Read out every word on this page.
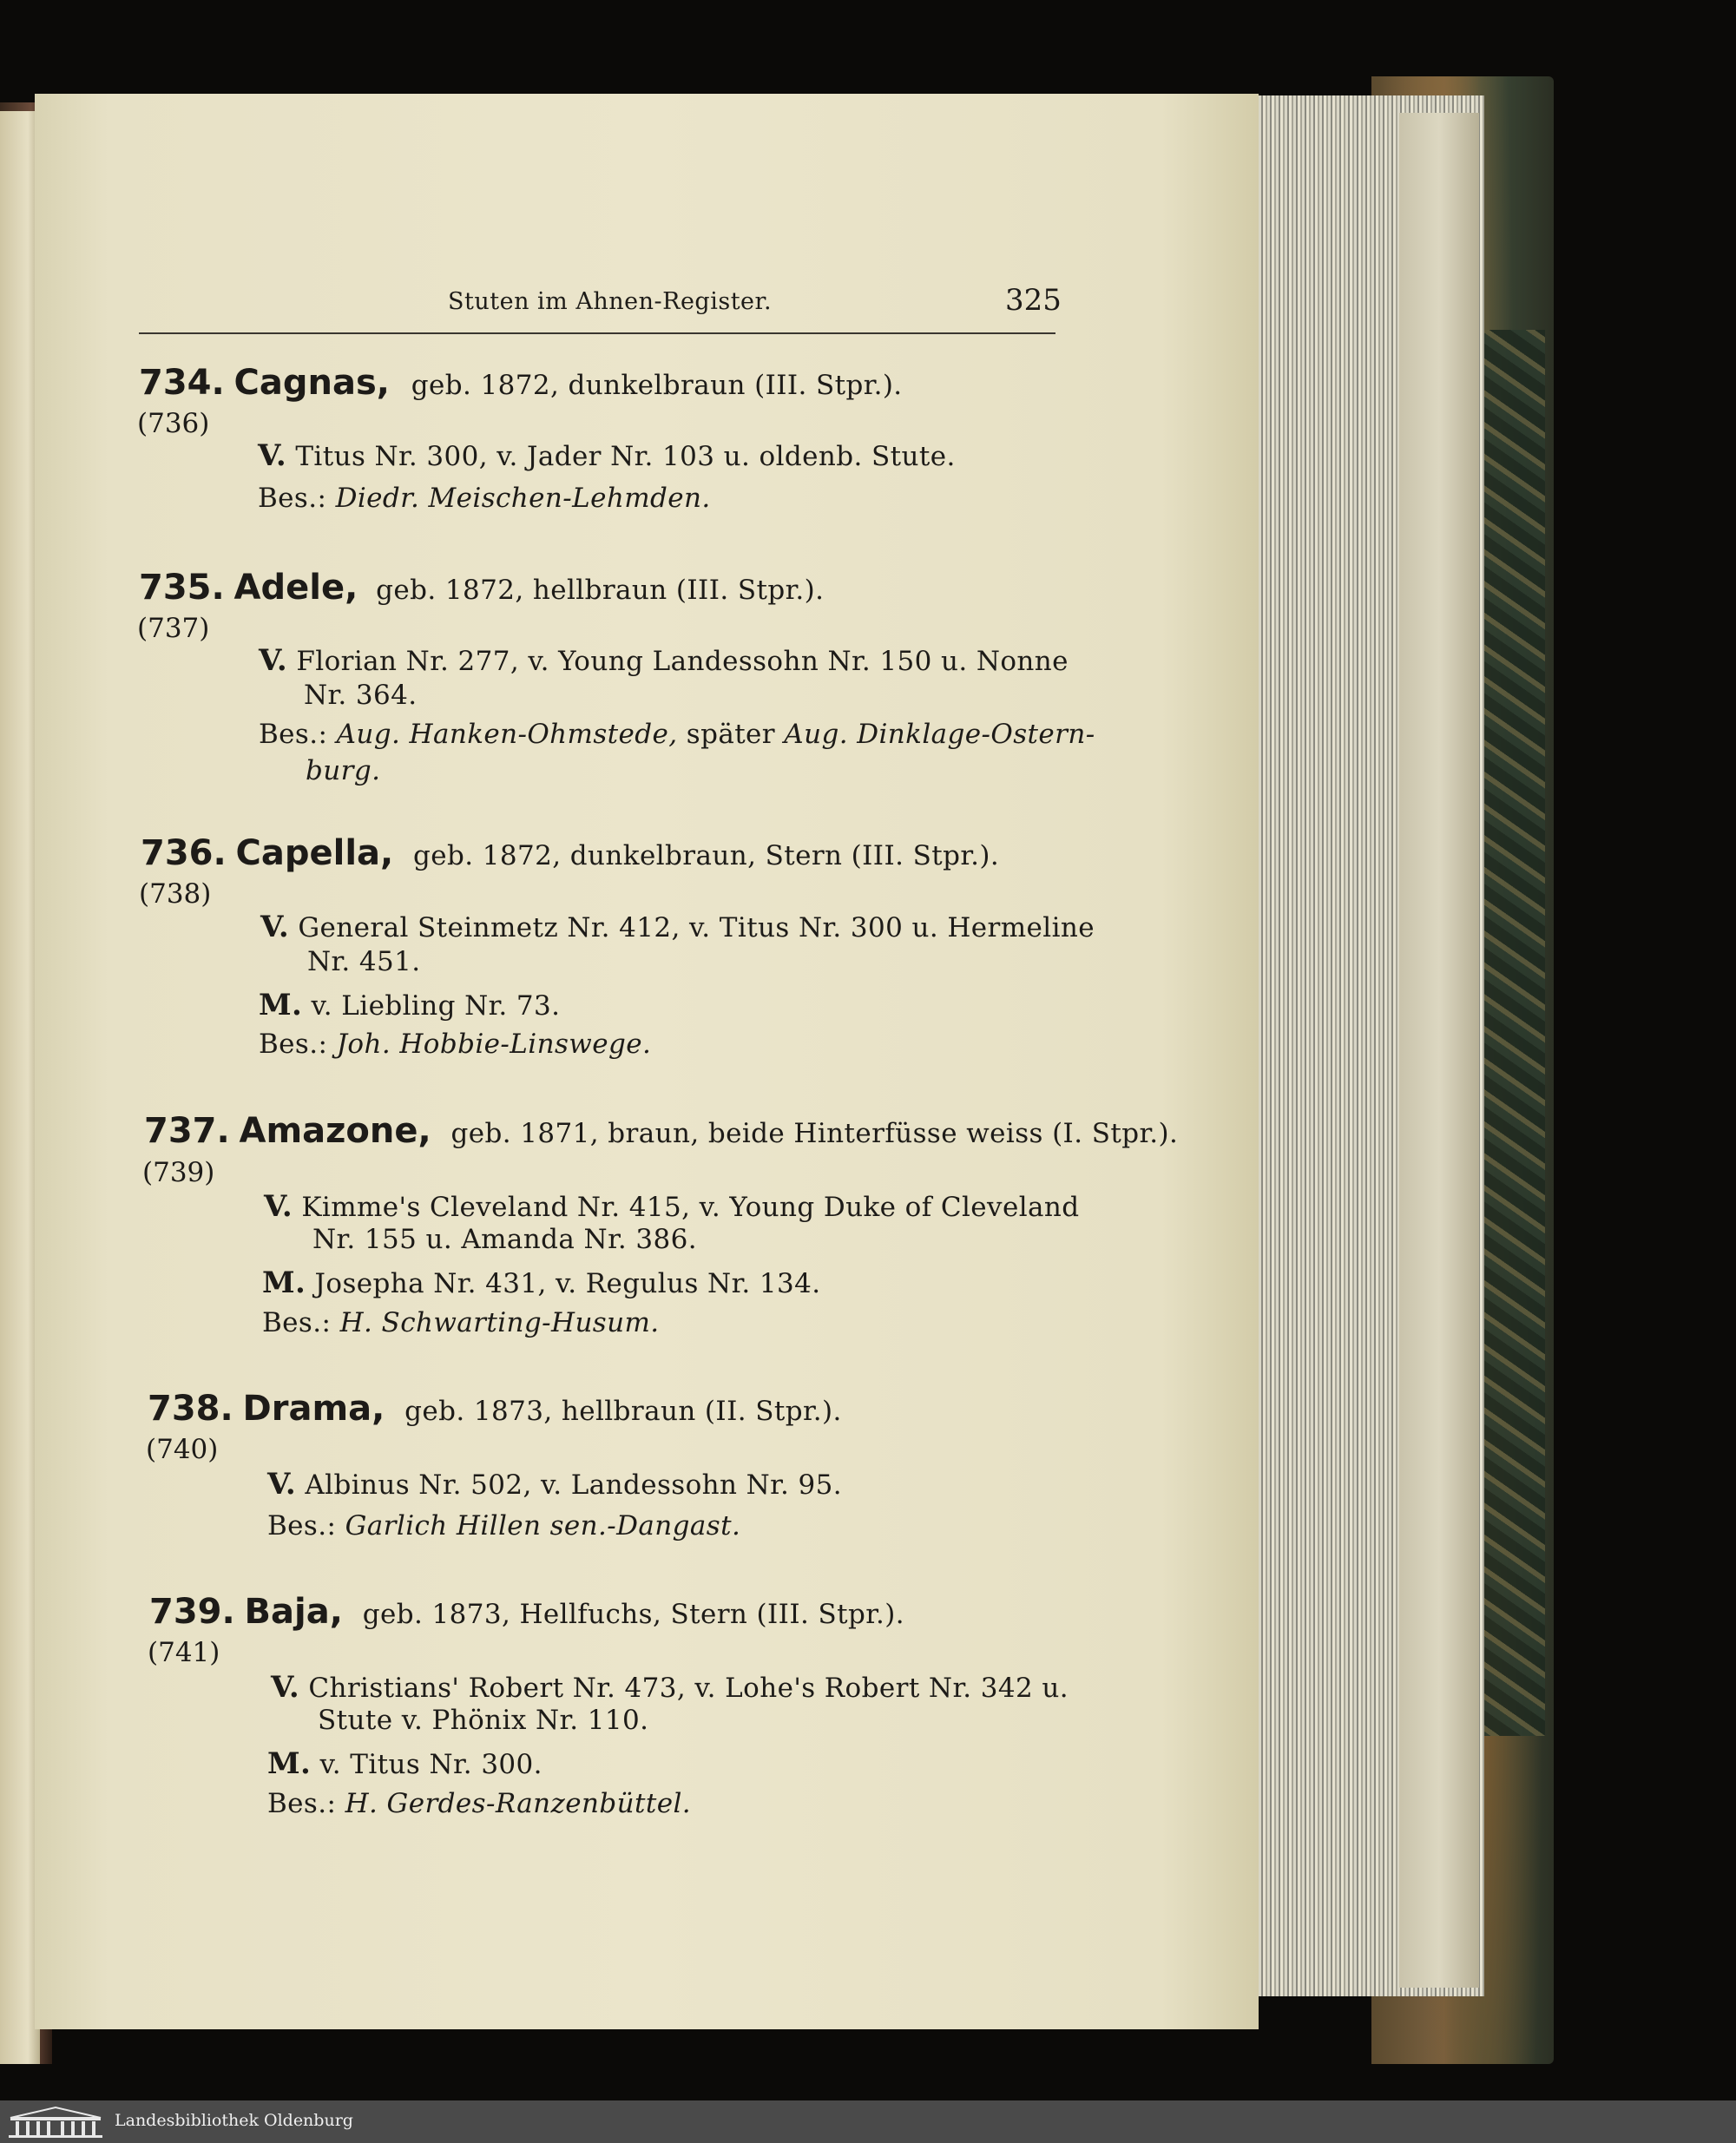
Stuten im Ahnen-Register.	325
734. Cagnas, geb. 1872, dunkelbraun (III. Stpr.).
(736)
V. Titus Nr. 300, v. Jader Nr. 103 u. oldenb. Stute.
Bes.: Diedr. Meischen-Lehmden.
735. Adele, geb. 1872, hellbraun (III. Stpr.).
(737)
V. Florian Nr. 277, v. Young Landessohn Nr. 150 u. Nonne
Nr. 364.
Bes.: Aug. Hanken-Ohmstede, später Aug. Dinklage-Ostern-
burg.
736. Capella, geb. 1872, dunkelbraun, Stern (III. Stpr.).
(738)
V. General Steinmetz Nr. 412, v. Titus Nr. 300 u. Hermeline
Nr. 451.
M. v. Liebling Nr. 73.
Bes.: Joh. Hobbie-Linswege.
737. Amazone, geb. 1871, braun, beide Hinterfüsse weiss (I. Stpr.).
(739)
V. Kimme's Cleveland Nr. 415, v. Young Duke of Cleveland
Nr. 155 u. Amanda Nr. 386.
M. Josepha Nr. 431, v. Regulus Nr. 134.
Bes.: H. Schwarting-Husum.
738. Drama, geb. 1873, hellbraun (II. Stpr.).
(740)
V. Albinus Nr. 502, v. Landessohn Nr. 95.
Bes.: Garlich Hillen sen.-Dangast.
739. Baja, geb. 1873, Hellfuchs, Stern (III. Stpr.).
(741)
V. Christians' Robert Nr. 473, v. Lohe's Robert Nr. 342 u.
Stute v. Phönix Nr. 110.
M. v. Titus Nr. 300.
Bes.: H. Gerdes-Ranzenbüttel.
Landesbibliothek Oldenburg
